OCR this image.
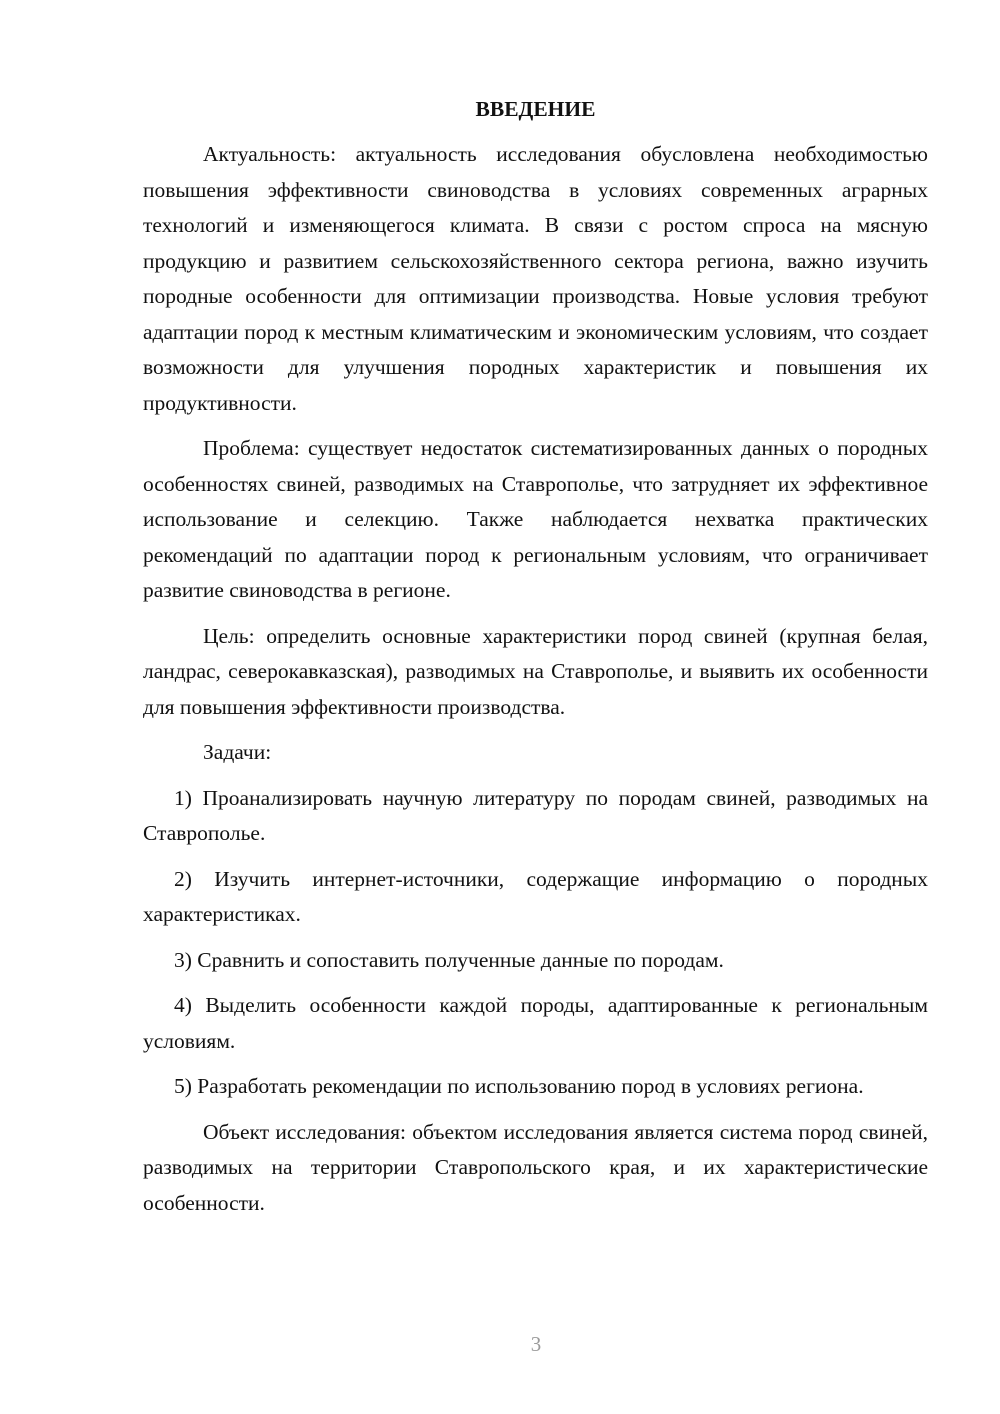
ВВЕДЕНИЕ

Актуальность: актуальность исследования обусловлена необходимостью повышения эффективности свиноводства в условиях современных аграрных технологий и изменяющегося климата. В связи с ростом спроса на мясную продукцию и развитием сельскохозяйственного сектора региона, важно изучить породные особенности для оптимизации производства. Новые условия требуют адаптации пород к местным климатическим и экономическим условиям, что создает возможности для улучшения породных характеристик и повышения их продуктивности.

Проблема: существует недостаток систематизированных данных о породных особенностях свиней, разводимых на Ставрополье, что затрудняет их эффективное использование и селекцию. Также наблюдается нехватка практических рекомендаций по адаптации пород к региональным условиям, что ограничивает развитие свиноводства в регионе.

Цель: определить основные характеристики пород свиней (крупная белая, ландрас, северокавказская), разводимых на Ставрополье, и выявить их особенности для повышения эффективности производства.

Задачи:

1) Проанализировать научную литературу по породам свиней, разводимых на Ставрополье.

2) Изучить интернет-источники, содержащие информацию о породных характеристиках.

3) Сравнить и сопоставить полученные данные по породам.

4) Выделить особенности каждой породы, адаптированные к региональным условиям.

5) Разработать рекомендации по использованию пород в условиях региона.

Объект исследования: объектом исследования является система пород свиней, разводимых на территории Ставропольского края, и их характеристические особенности.

3
